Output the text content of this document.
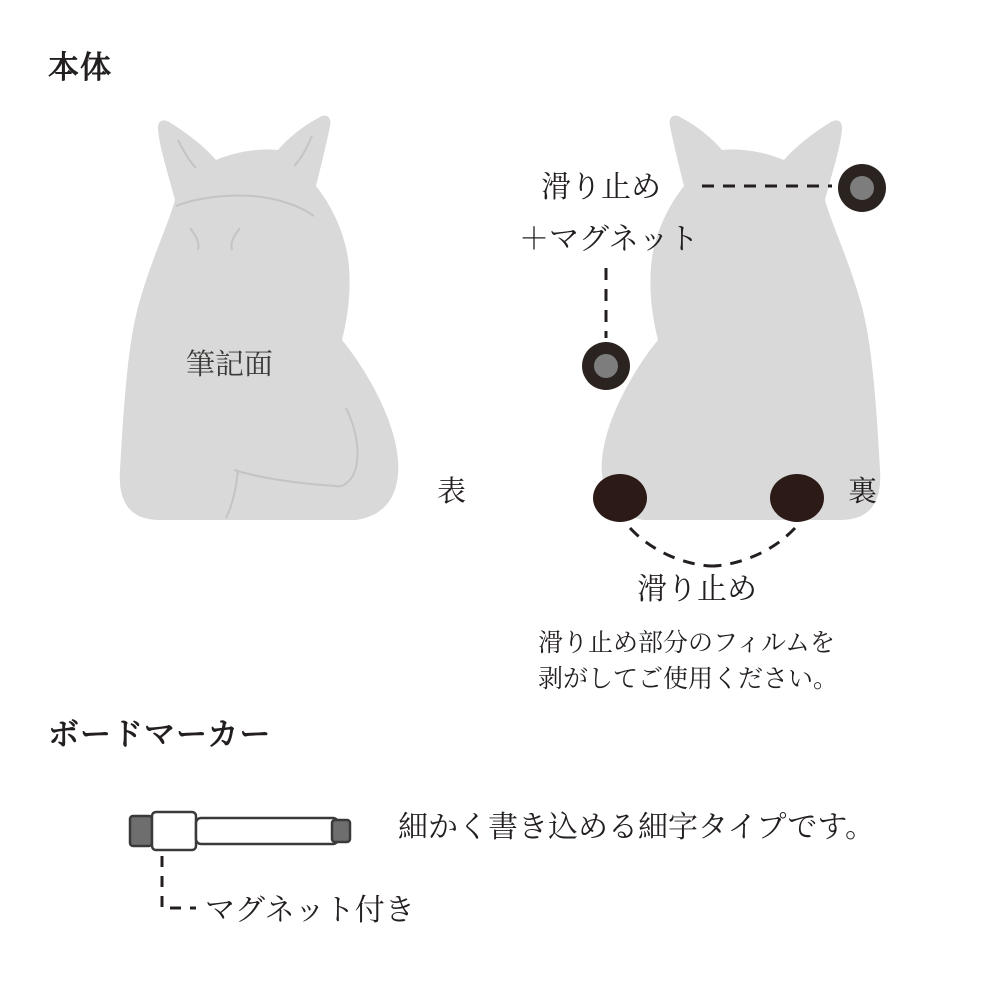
本体
筆記面
表
滑り止め
＋マグネット
裏
滑り止め
滑り止め部分のフィルムを
剥がしてご使用ください。
ボードマーカー
細かく書き込める細字タイプです。
マグネット付き
